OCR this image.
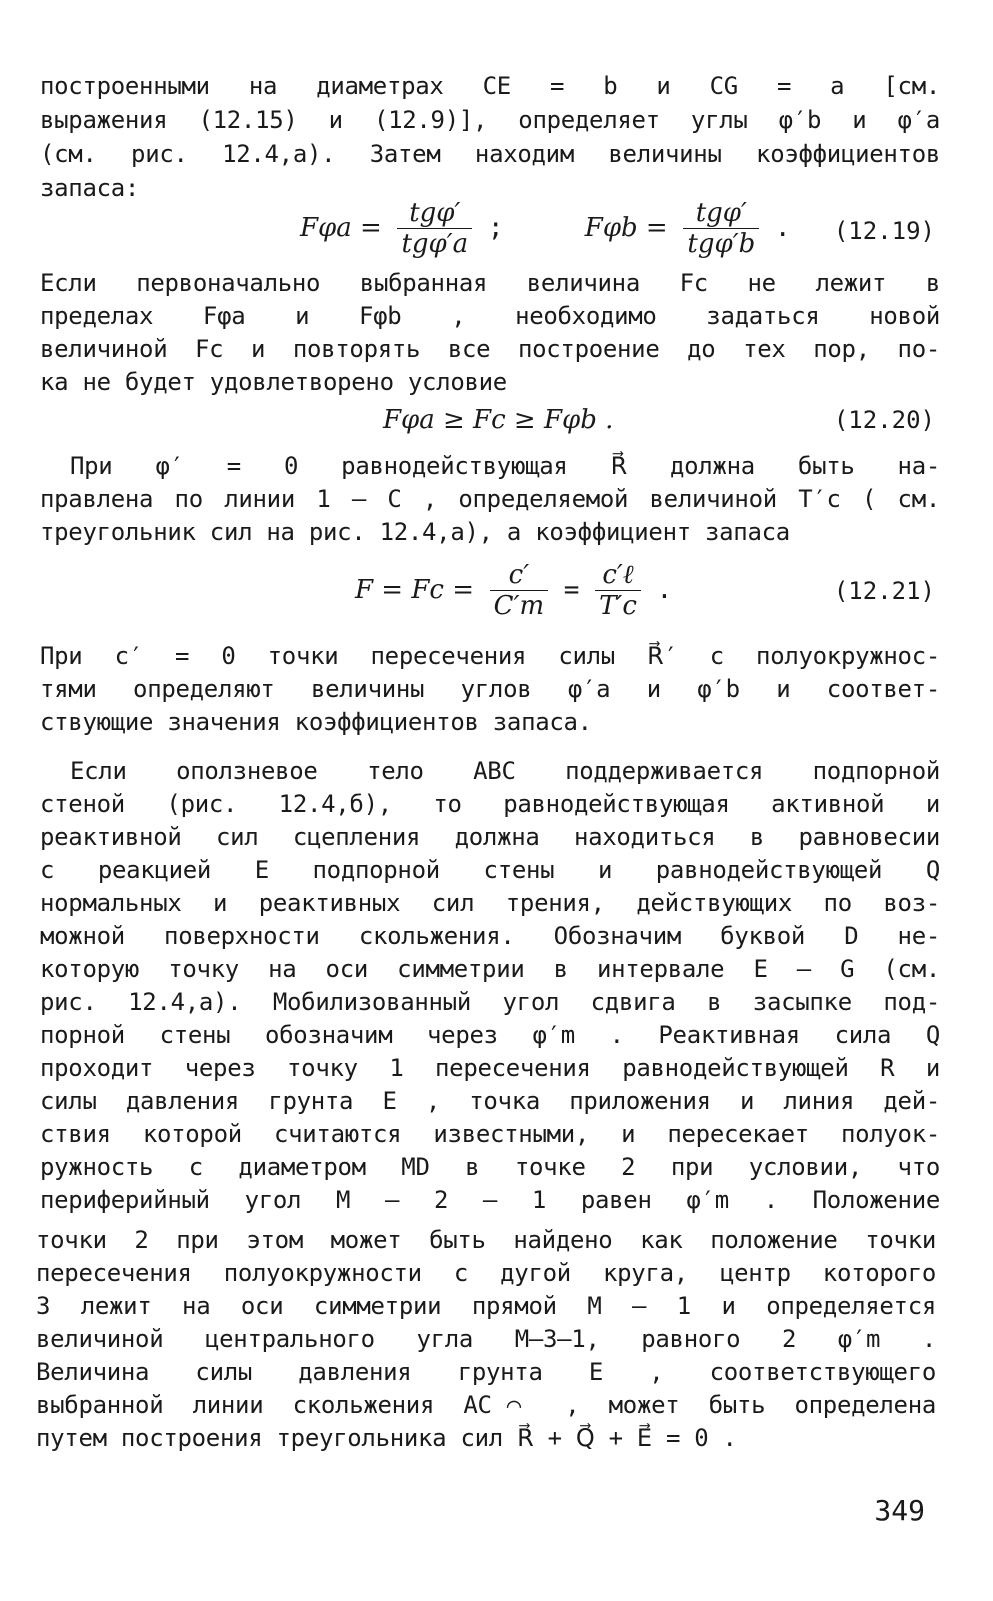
построенными на диаметрах CE = b и CG = a [см.
выражения (12.15) и (12.9)], определяет углы φ′b и φ′a
(см. рис. 12.4,а). Затем находим величины коэффициентов
запаса:
$F\varphi a = \frac{\text{tgφ′}}{\text{tgφ′a}}$ ;	$F\varphi b = \frac{\text{tgφ′}}{\text{tgφ′b}}$ . (12.19)
Если первоначально выбранная величина Fc не лежит в
пределах Fφa и Fφb , необходимо задаться новой
величиной Fc и повторять все построение до тех пор, по-
ка не будет удовлетворено условие
Fφa ≥ Fc ≥ Fφb .	(12.20)
При φ′ = 0 равнодействующая R⃗ должна быть на-
правлена по линии 1 – C , определяемой величиной T′c ( см.
треугольник сил на рис. 12.4,а), а коэффициент запаса
$F = Fc = \frac{c'}{C'm} = \frac{\text{c′ℓ}}{T'c}$ .	(12.21)
При c′ = 0 точки пересечения силы R⃗′ с полуокружнос-
тями определяют величины углов φ′a и φ′b и соответ-
ствующие значения коэффициентов запаса.
Если оползневое тело ABC поддерживается подпорной
стеной (рис. 12.4,б), то равнодействующая активной и
реактивной сил сцепления должна находиться в равновесии
с реакцией E подпорной стены и равнодействующей Q
нормальных и реактивных сил трения, действующих по воз-
можной поверхности скольжения. Обозначим буквой D не-
которую точку на оси симметрии в интервале E – G (см.
рис. 12.4,а). Мобилизованный угол сдвига в засыпке под-
порной стены обозначим через φ′m . Реактивная сила Q
проходит через точку 1 пересечения равнодействующей R и
силы давления грунта E , точка приложения и линия дей-
ствия которой считаются известными, и пересекает полуок-
ружность с диаметром MD в точке 2 при условии, что
периферийный угол M – 2 – 1 равен φ′m . Положение
точки 2 при этом может быть найдено как положение точки
пересечения полуокружности с дугой круга, центр которого
3 лежит на оси симметрии прямой M – 1 и определяется
величиной центрального угла M–3–1, равного 2 φ′m .
Величина силы давления грунта E , соответствующего
выбранной линии скольжения AC⌒ , может быть определена
путем построения треугольника сил R⃗ + Q⃗ + E⃗ = 0 .
349
